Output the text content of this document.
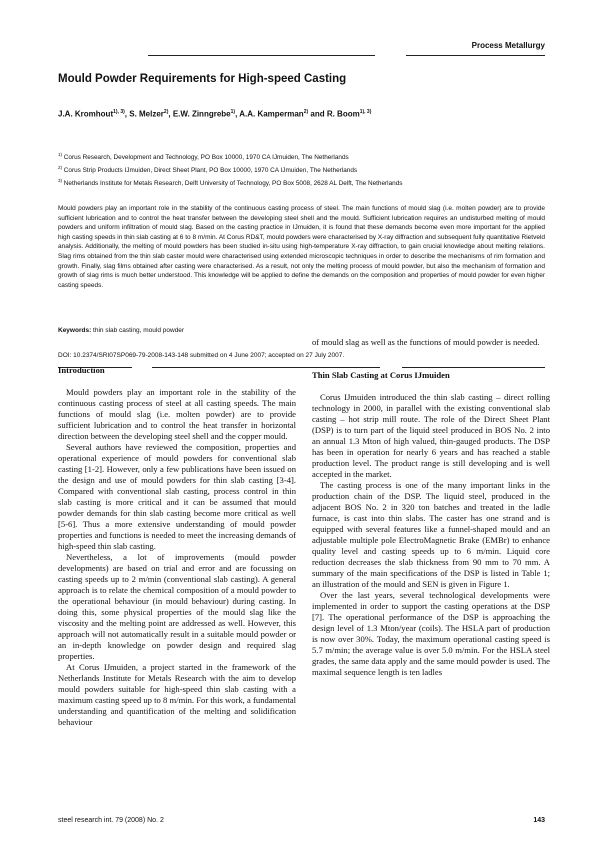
Process Metallurgy
Mould Powder Requirements for High-speed Casting
J.A. Kromhout$^{1), 3)}$, S. Melzer$^{2)}$, E.W. Zinngrebe$^{1)}$, A.A. Kamperman$^{2)}$ and R. Boom$^{1), 3)}$
$^{1)}$ Corus Research, Development and Technology, PO Box 10000, 1970 CA IJmuiden, The Netherlands
$^{2)}$ Corus Strip Products IJmuiden, Direct Sheet Plant, PO Box 10000, 1970 CA IJmuiden, The Netherlands
$^{3)}$ Netherlands Institute for Metals Research, Delft University of Technology, PO Box 5008, 2628 AL Delft, The Netherlands

Mould powders play an important role in the stability of the continuous casting process of steel. The main functions of mould slag (i.e. molten powder) are to provide sufficient lubrication and to control the heat transfer between the developing steel shell and the mould. Sufficient lubrication requires an undisturbed melting of mould powders and uniform infiltration of mould slag. Based on the casting practice in IJmuiden, it is found that these demands become even more important for the applied high casting speeds in thin slab casting at 6 to 8 m/min. At Corus RD&T, mould powders were characterised by X-ray diffraction and subsequent fully quantitative Rietveld analysis. Additionally, the melting of mould powders has been studied in-situ using high-temperature X-ray diffraction, to gain crucial knowledge about melting relations. Slag rims obtained from the thin slab caster mould were characterised using extended microscopic techniques in order to describe the mechanisms of rim formation and growth. Finally, slag films obtained after casting were characterised. As a result, not only the melting process of mould powder, but also the mechanism of formation and growth of slag rims is much better understood. This knowledge will be applied to define the demands on the composition and properties of mould powder for even higher casting speeds.

Keywords: thin slab casting, mould powder
DOI: 10.2374/SRI07SP069-79-2008-143-148 submitted on 4 June 2007; accepted on 27 July 2007.
Introduction

Mould powders play an important role in the stability of the continuous casting process of steel at all casting speeds. The main functions of mould slag (i.e. molten powder) are to provide sufficient lubrication and to control the heat transfer in horizontal direction between the developing steel shell and the copper mould.

Several authors have reviewed the composition, properties and operational experience of mould powders for conventional slab casting [1-2]. However, only a few publications have been issued on the design and use of mould powders for thin slab casting [3-4]. Compared with conventional slab casting, process control in thin slab casting is more critical and it can be assumed that mould powder demands for thin slab casting become more critical as well [5-6]. Thus a more extensive understanding of mould powder properties and functions is needed to meet the increasing demands of high-speed thin slab casting.

Nevertheless, a lot of improvements (mould powder developments) are based on trial and error and are focussing on casting speeds up to 2 m/min (conventional slab casting). A general approach is to relate the chemical composition of a mould powder to the operational behaviour (in mould behaviour) during casting. In doing this, some physical properties of the mould slag like the viscosity and the melting point are addressed as well. However, this approach will not automatically result in a suitable mould powder or an in-depth knowledge on powder design and required slag properties.

At Corus IJmuiden, a project started in the framework of the Netherlands Institute for Metals Research with the aim to develop mould powders suitable for high-speed thin slab casting with a maximum casting speed up to 8 m/min. For this work, a fundamental understanding and quantification of the melting and solidification behaviour

of mould slag as well as the functions of mould powder is needed.

Thin Slab Casting at Corus IJmuiden

Corus IJmuiden introduced the thin slab casting – direct rolling technology in 2000, in parallel with the existing conventional slab casting – hot strip mill route. The role of the Direct Sheet Plant (DSP) is to turn part of the liquid steel produced in BOS No. 2 into an annual 1.3 Mton of high valued, thin-gauged products. The DSP has been in operation for nearly 6 years and has reached a stable production level. The product range is still developing and is well accepted in the market.

The casting process is one of the many important links in the production chain of the DSP. The liquid steel, produced in the adjacent BOS No. 2 in 320 ton batches and treated in the ladle furnace, is cast into thin slabs. The caster has one strand and is equipped with several features like a funnel-shaped mould and an adjustable multiple pole ElectroMagnetic Brake (EMBr) to enhance quality level and casting speeds up to 6 m/min. Liquid core reduction decreases the slab thickness from 90 mm to 70 mm. A summary of the main specifications of the DSP is listed in Table 1; an illustration of the mould and SEN is given in Figure 1.

Over the last years, several technological developments were implemented in order to support the casting operations at the DSP [7]. The operational performance of the DSP is approaching the design level of 1.3 Mton/year (coils). The HSLA part of production is now over 30%. Today, the maximum operational casting speed is 5.7 m/min; the average value is over 5.0 m/min. For the HSLA steel grades, the same data apply and the same mould powder is used. The maximal sequence length is ten ladles

steel research int. 79 (2008) No. 2	143
